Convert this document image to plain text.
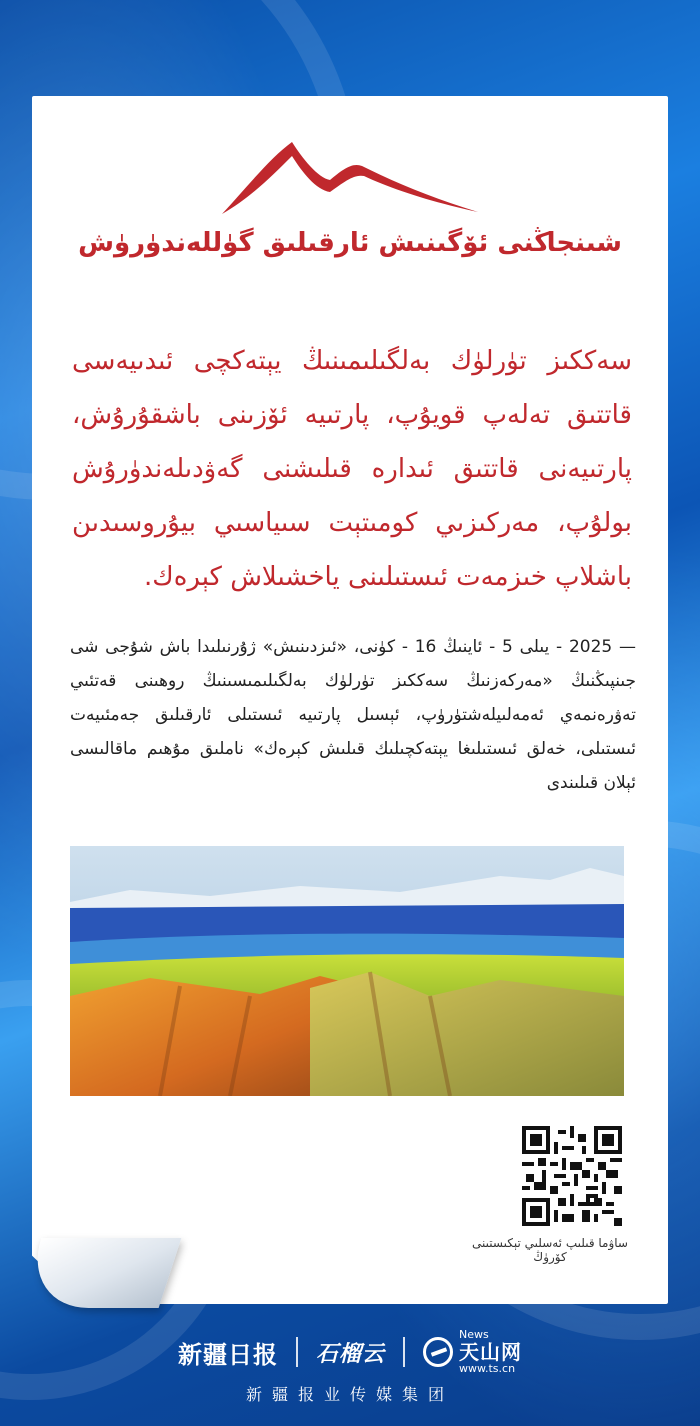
شىنجاڭنى ئۆگىنىش ئارقىلىق گۈللەندۈرۈش
سەككىز تۈرلۈك بەلگىلىمىنىڭ يېتەكچى ئىدىيەسى قاتتىق تەلەپ قويۇپ، پارتىيە ئۆزىنى باشقۇرۇش، پارتىيەنى قاتتىق ئىدارە قىلىشنى گەۋدىلەندۈرۇش بولۇپ، مەركىزىي كومىتېت سىياسىي بيۇروسىدىن باشلاپ خىزمەت ئىستىلىنى ياخشىلاش كېرەك.
— 2025 - يىلى 5 - ئاينىڭ 16 - كۈنى، «ئىزدىنىش» ژۇرنىلىدا باش شۇجى شى جىنپىڭنىڭ «مەركەزنىڭ سەككىز تۈرلۈك بەلگىلىمىسىنىڭ روھىنى قەتئىي تەۋرەنمەي ئەمەلىيلەشتۈرۈپ، ئېسىل پارتىيە ئىستىلى ئارقىلىق جەمئىيەت ئىستىلى، خەلق ئىستىلىغا يېتەكچىلىك قىلىش كېرەك» ناملىق مۇھىم ماقالىسى ئېلان قىلىندى
ساۋما قىلىپ ئەسلىي تېكىستىنى كۆرۈڭ
新疆日报 石榴云
News
天山网
www.ts.cn
新疆报业传媒集团
